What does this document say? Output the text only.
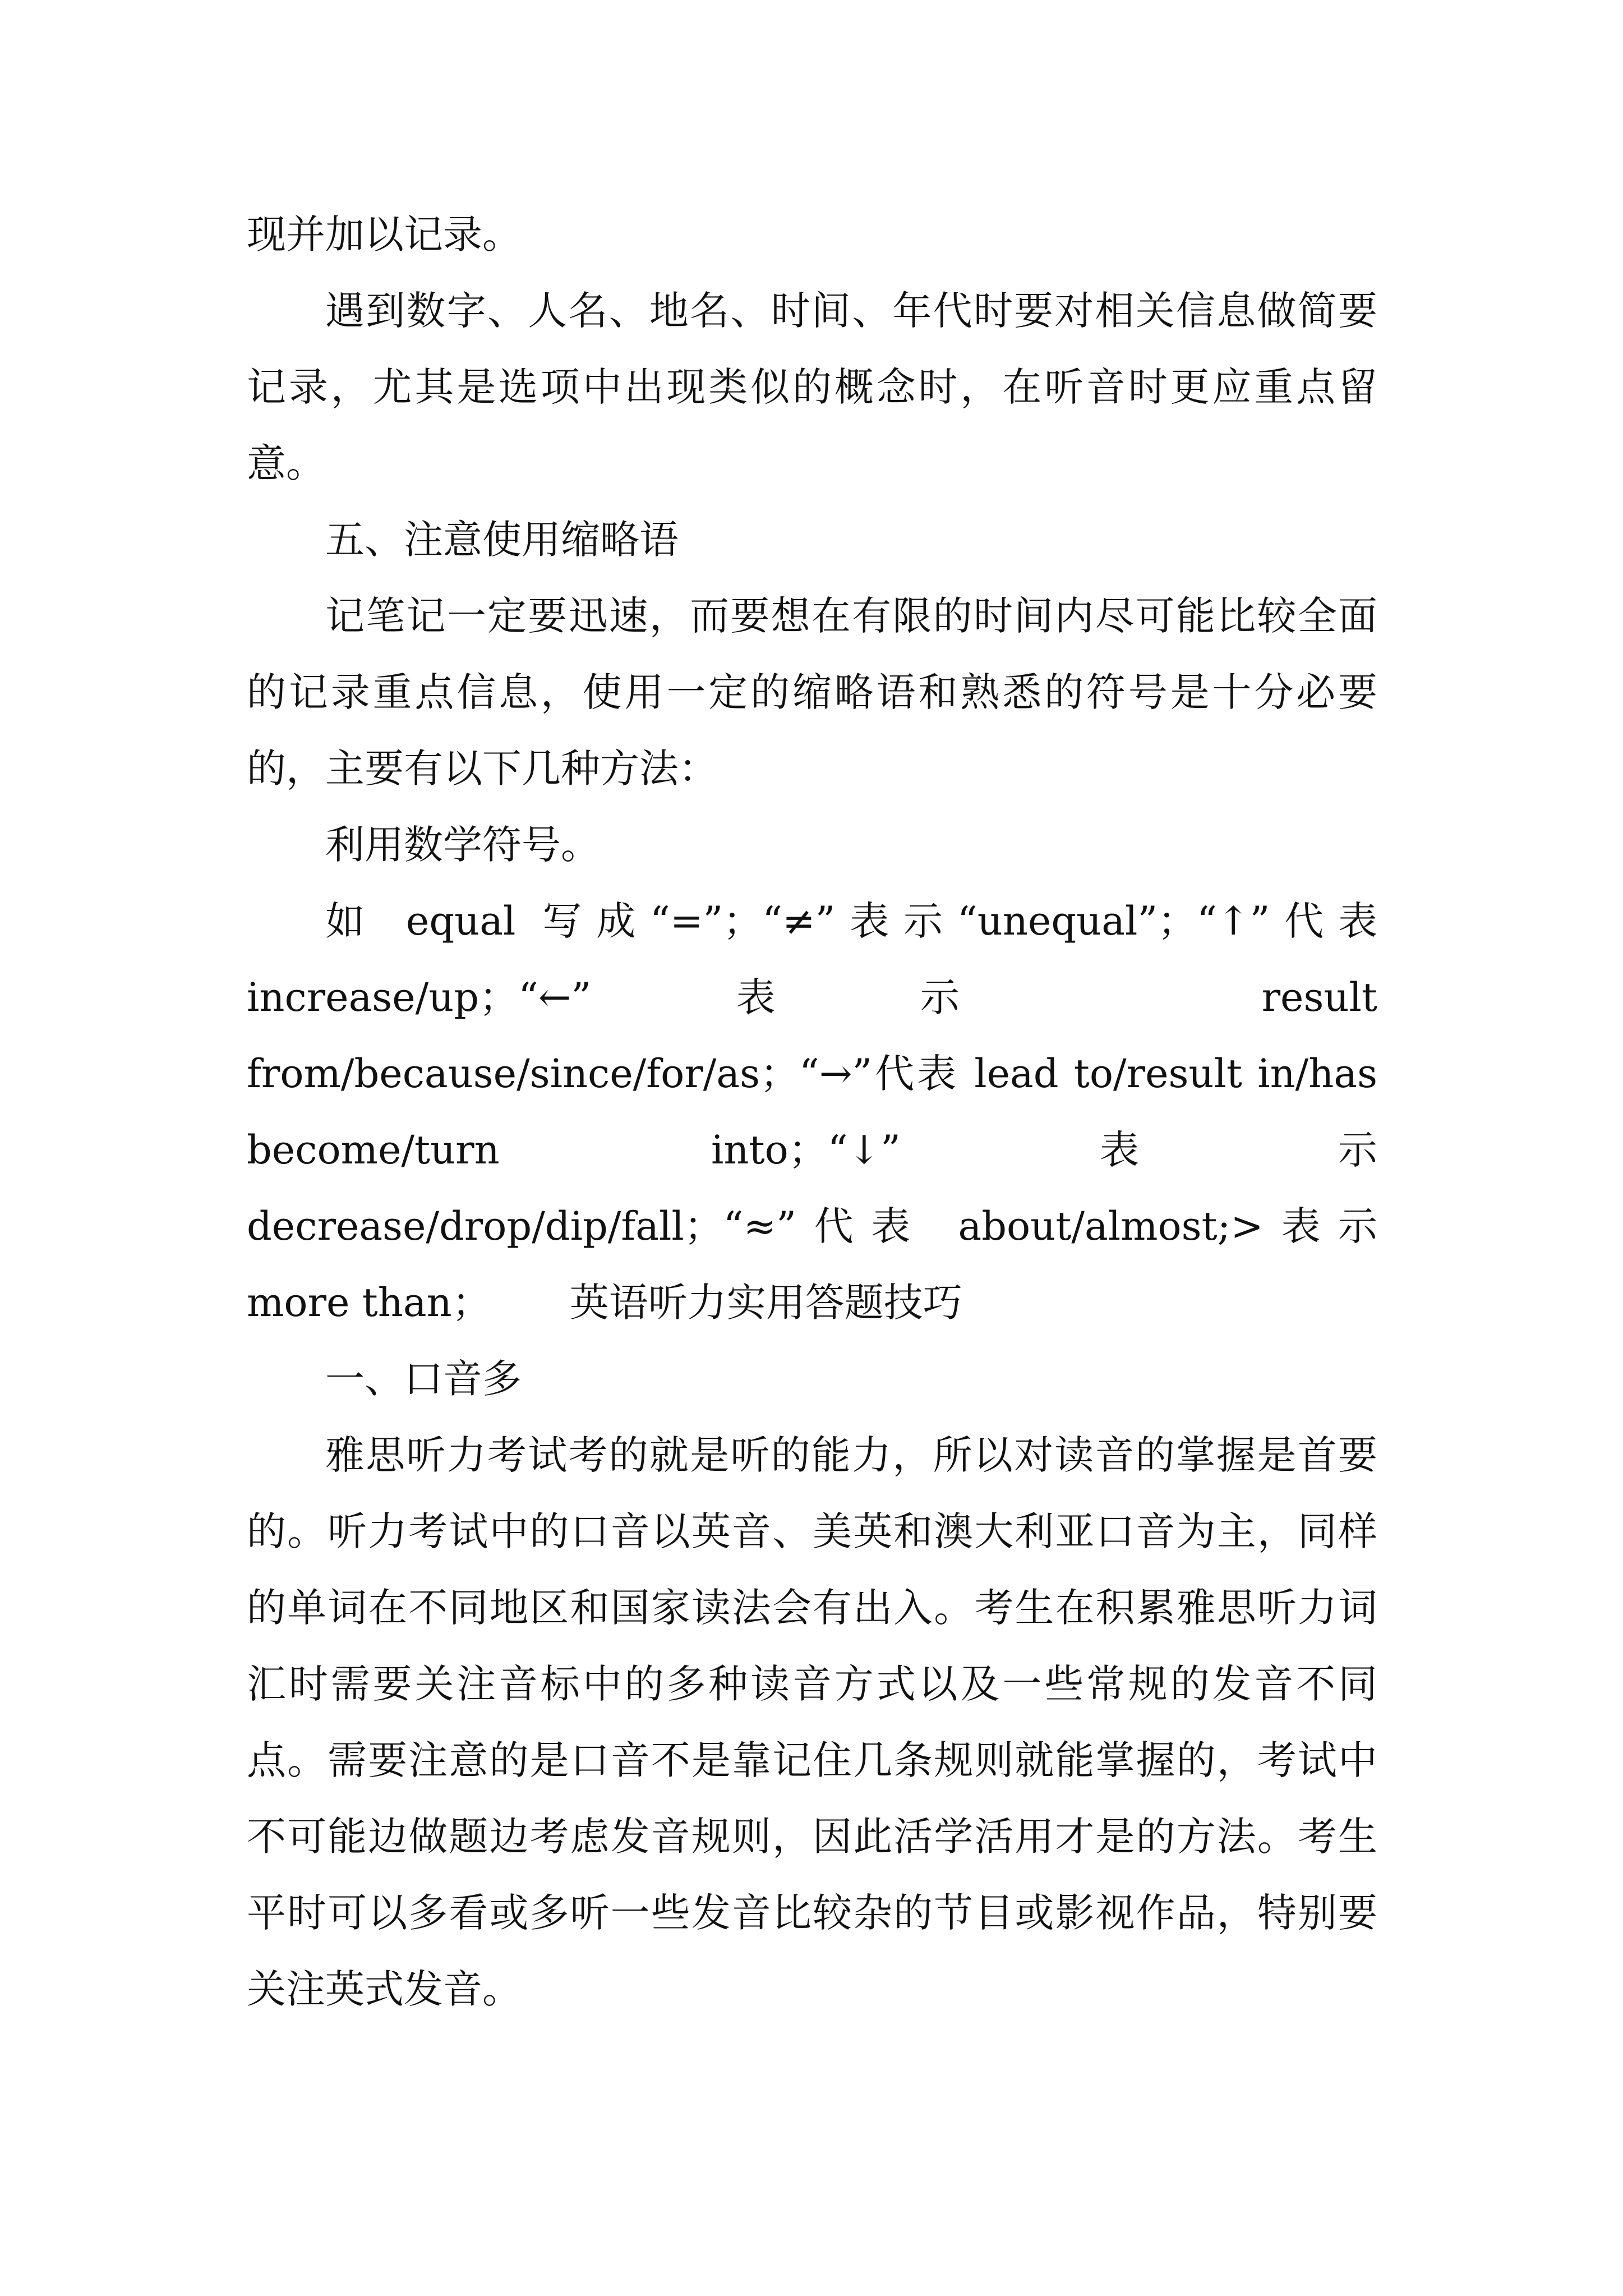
现并加以记录。

遇到数字、人名、地名、时间、年代时要对相关信息做简要记录，尤其是选项中出现类似的概念时，在听音时更应重点留意。

五、注意使用缩略语

记笔记一定要迅速，而要想在有限的时间内尽可能比较全面的记录重点信息，使用一定的缩略语和熟悉的符号是十分必要的，主要有以下几种方法：

利用数学符号。

如 equal 写成“=”；“≠”表示“unequal”；“↑”代表 increase/up；“←”表示 result from/because/since/for/as；“→”代表 lead to/result in/has become/turn into；“↓”表示 decrease/drop/dip/fall；“≈”代表 about/almost;>表示 more than； 英语听力实用答题技巧

一、口音多

雅思听力考试考的就是听的能力，所以对读音的掌握是首要的。听力考试中的口音以英音、美英和澳大利亚口音为主，同样的单词在不同地区和国家读法会有出入。考生在积累雅思听力词汇时需要关注音标中的多种读音方式以及一些常规的发音不同点。需要注意的是口音不是靠记住几条规则就能掌握的，考试中不可能边做题边考虑发音规则，因此活学活用才是的方法。考生平时可以多看或多听一些发音比较杂的节目或影视作品，特别要关注英式发音。
